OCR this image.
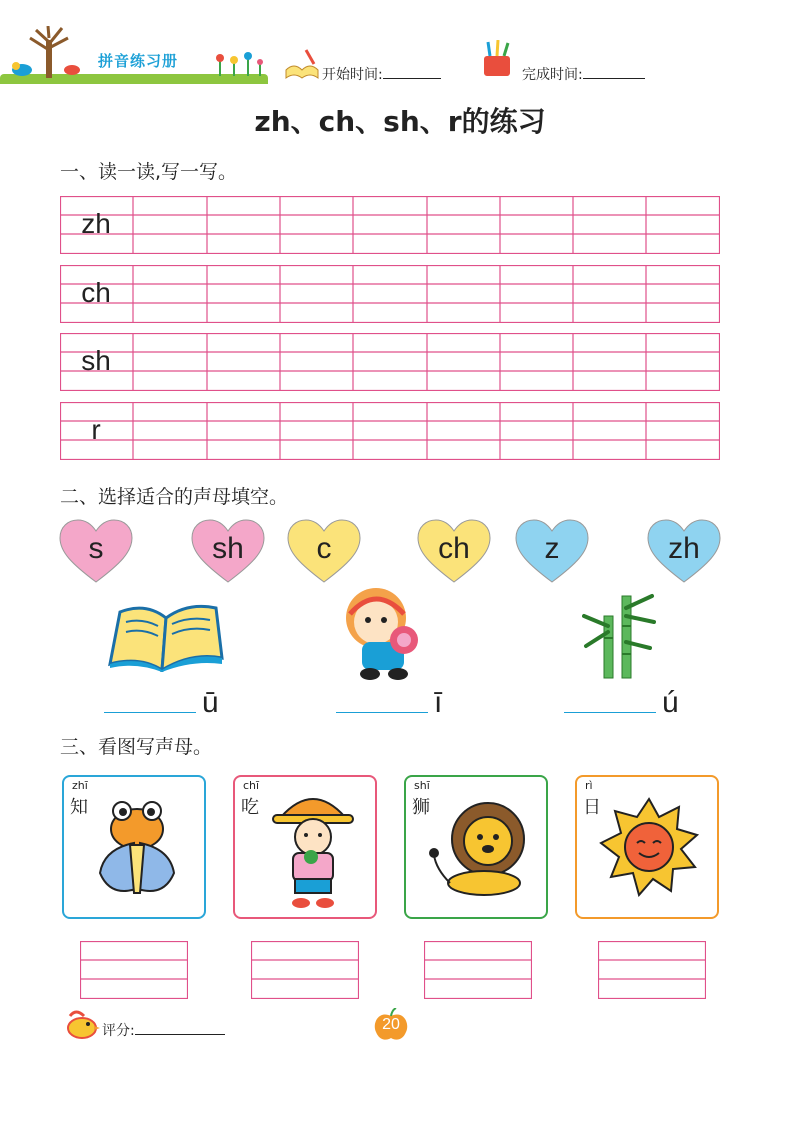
拼音练习册
开始时间:	完成时间:
zh、ch、sh、r的练习
一、读一读,写一写。
zh
ch
sh
r
二、选择适合的声母填空。
s	sh	c	ch	z	zh
ū	ī	ú
三、看图写声母。
zhī
知
chī
吃
shī
狮
rì
日
评分:	20
